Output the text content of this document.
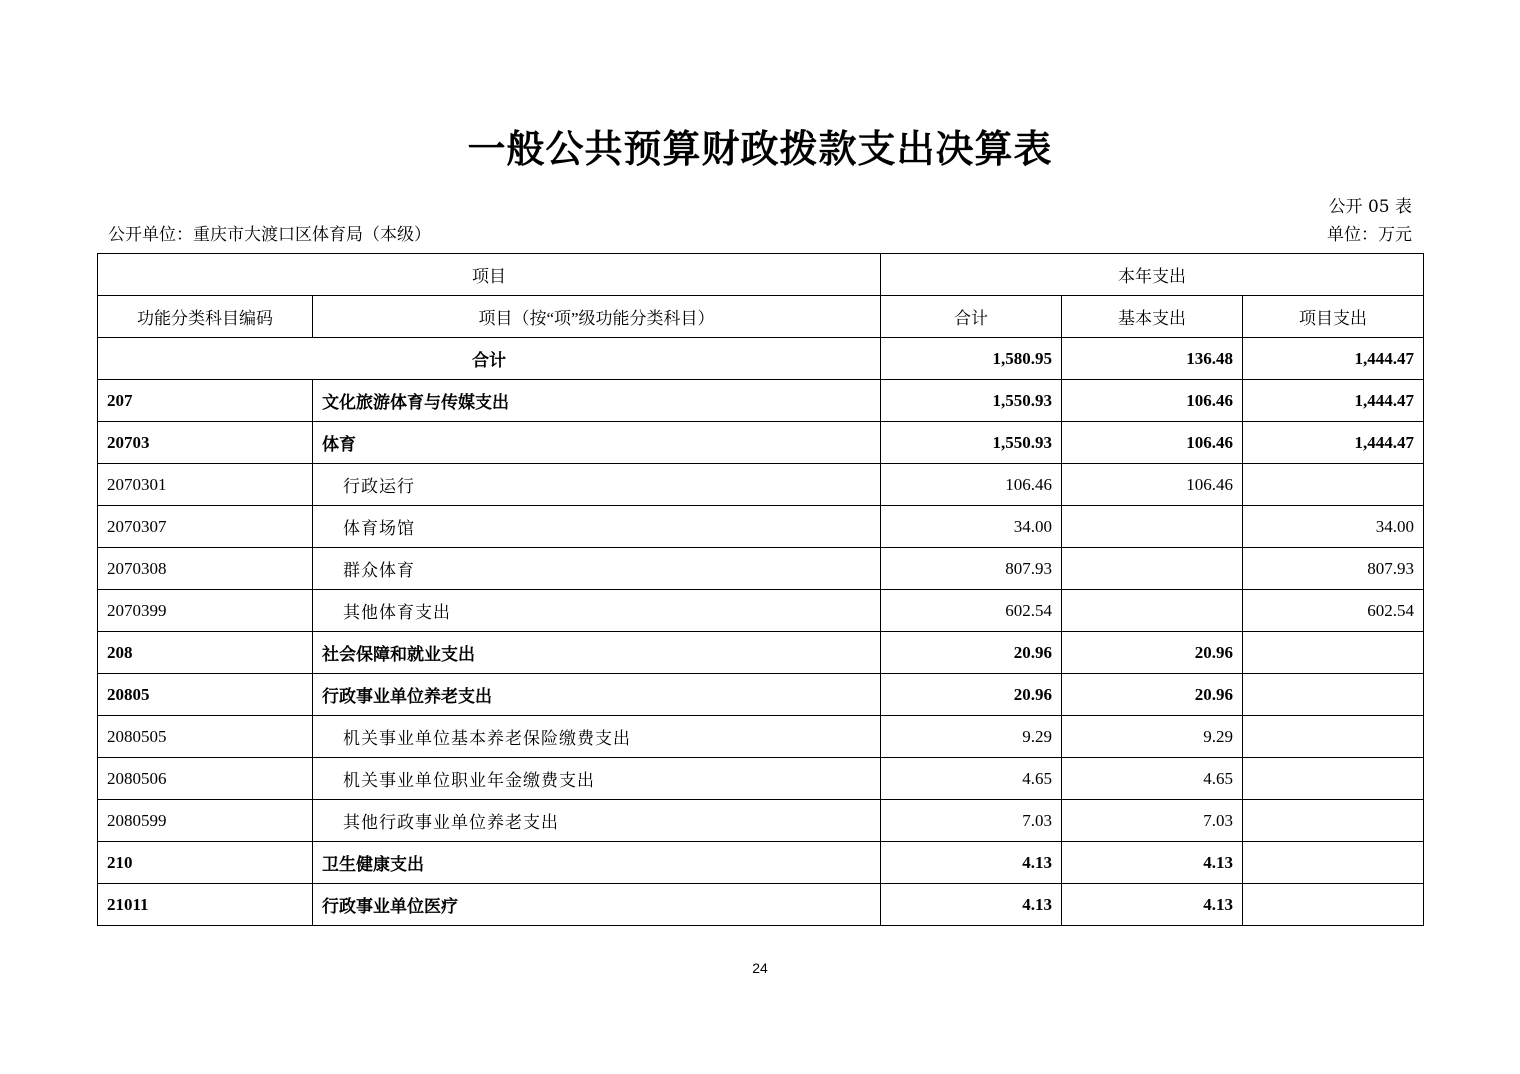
一般公共预算财政拨款支出决算表
公开 05 表
公开单位：重庆市大渡口区体育局（本级）	单位：万元
项目		本年支出		
功能分类科目编码	项目（按“项”级功能分类科目）	合计	基本支出	项目支出
合计		1,580.95	136.48	1,444.47
207	文化旅游体育与传媒支出	1,550.93	106.46	1,444.47
20703	体育	1,550.93	106.46	1,444.47
2070301	行政运行	106.46	106.46	
2070307	体育场馆	34.00		34.00
2070308	群众体育	807.93		807.93
2070399	其他体育支出	602.54		602.54
208	社会保障和就业支出	20.96	20.96	
20805	行政事业单位养老支出	20.96	20.96	
2080505	机关事业单位基本养老保险缴费支出	9.29	9.29	
2080506	机关事业单位职业年金缴费支出	4.65	4.65	
2080599	其他行政事业单位养老支出	7.03	7.03	
210	卫生健康支出	4.13	4.13	
21011	行政事业单位医疗	4.13	4.13	
24
